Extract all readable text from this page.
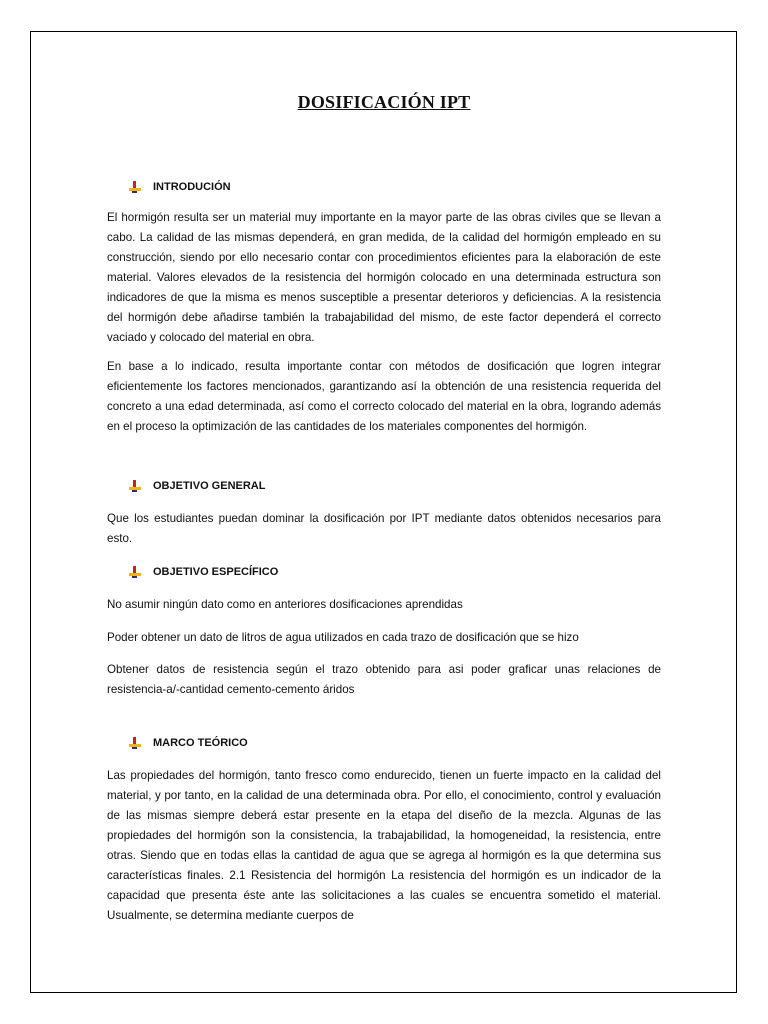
DOSIFICACIÓN IPT
INTRODUCIÓN

El hormigón resulta ser un material muy importante en la mayor parte de las obras civiles que se llevan a cabo. La calidad de las mismas dependerá, en gran medida, de la calidad del hormigón empleado en su construcción, siendo por ello necesario contar con procedimientos eficientes para la elaboración de este material. Valores elevados de la resistencia del hormigón colocado en una determinada estructura son indicadores de que la misma es menos susceptible a presentar deterioros y deficiencias. A la resistencia del hormigón debe añadirse también la trabajabilidad del mismo, de este factor dependerá el correcto vaciado y colocado del material en obra.

En base a lo indicado, resulta importante contar con métodos de dosificación que logren integrar eficientemente los factores mencionados, garantizando así la obtención de una resistencia requerida del concreto a una edad determinada, así como el correcto colocado del material en la obra, logrando además en el proceso la optimización de las cantidades de los materiales componentes del hormigón.

OBJETIVO GENERAL

Que los estudiantes puedan dominar la dosificación por IPT mediante datos obtenidos necesarios para esto.

OBJETIVO ESPECÍFICO

No asumir ningún dato como en anteriores dosificaciones aprendidas

Poder obtener un dato de litros de agua utilizados en cada trazo de dosificación que se hizo

Obtener datos de resistencia según el trazo obtenido para asi poder graficar unas relaciones de resistencia-a/-cantidad cemento-cemento áridos

MARCO TEÓRICO

Las propiedades del hormigón, tanto fresco como endurecido, tienen un fuerte impacto en la calidad del material, y por tanto, en la calidad de una determinada obra. Por ello, el conocimiento, control y evaluación de las mismas siempre deberá estar presente en la etapa del diseño de la mezcla. Algunas de las propiedades del hormigón son la consistencia, la trabajabilidad, la homogeneidad, la resistencia, entre otras. Siendo que en todas ellas la cantidad de agua que se agrega al hormigón es la que determina sus características finales. 2.1 Resistencia del hormigón La resistencia del hormigón es un indicador de la capacidad que presenta éste ante las solicitaciones a las cuales se encuentra sometido el material. Usualmente, se determina mediante cuerpos de
